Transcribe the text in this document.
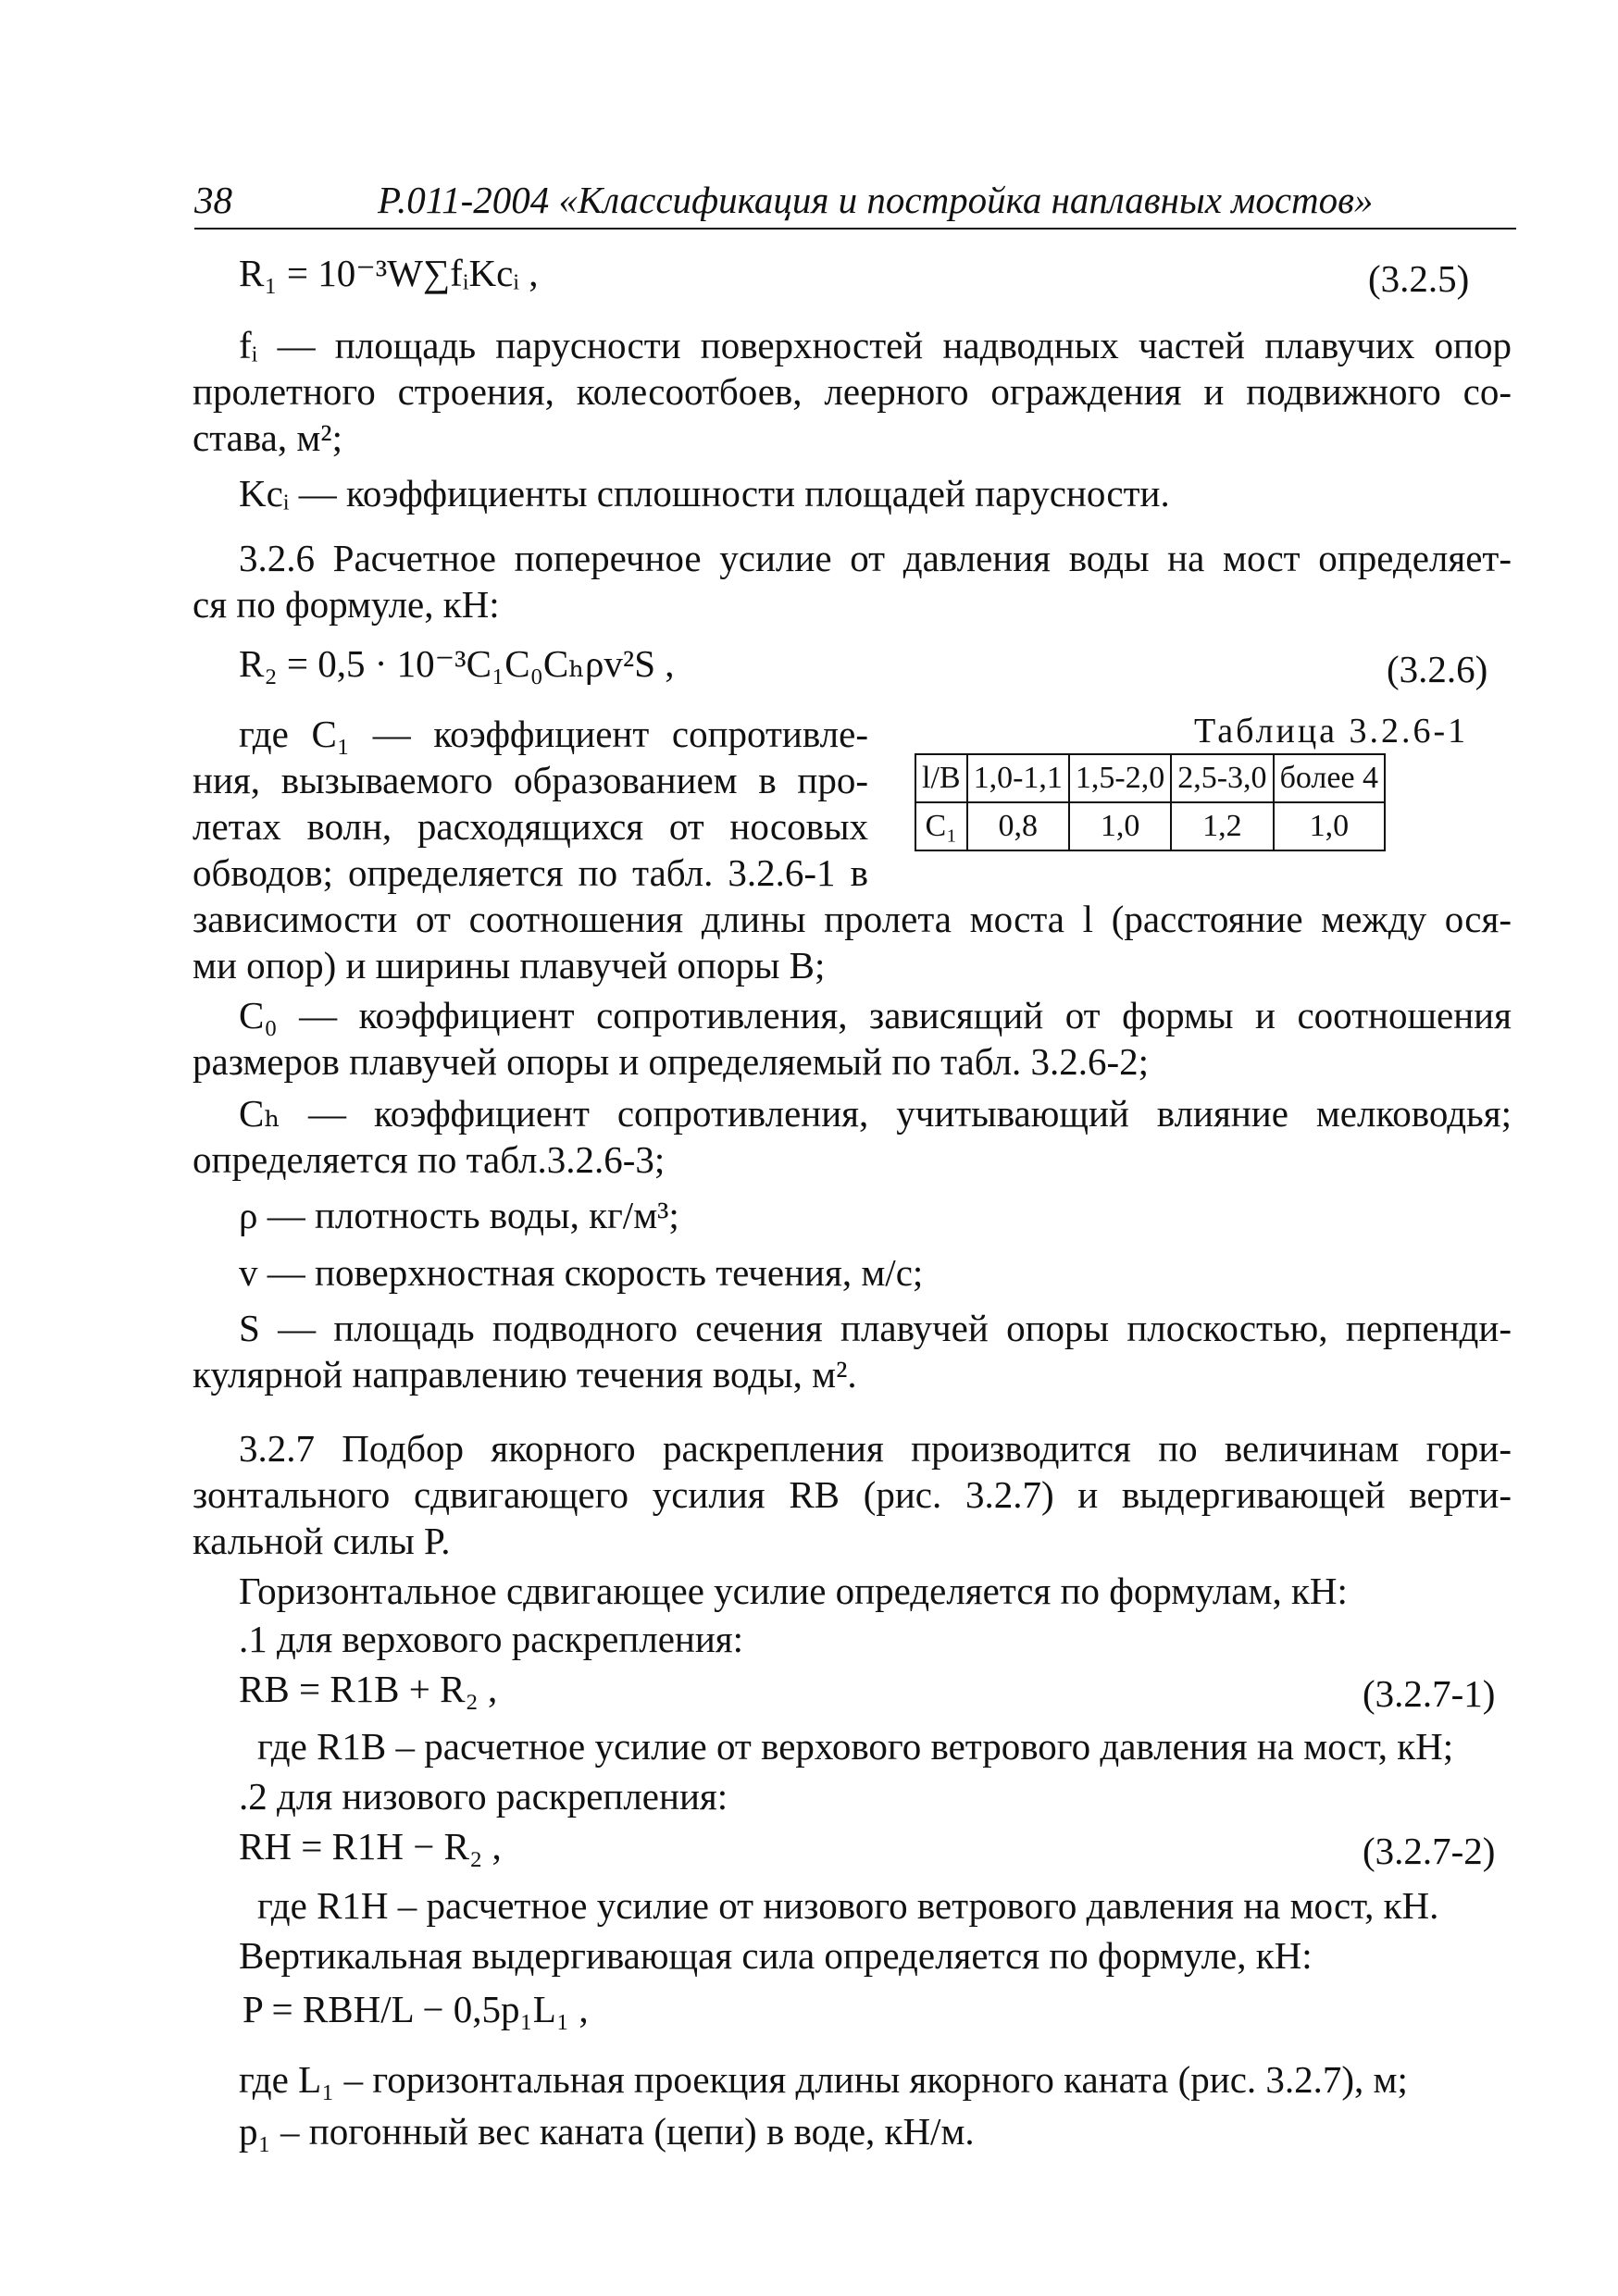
38	Р.011-2004 «Классификация и постройка наплавных мостов»
R₁ = 10⁻³W∑fᵢKcᵢ ,	(3.2.5)
fᵢ — площадь парусности поверхностей надводных частей плавучих опор
пролетного строения, колесоотбоев, леерного ограждения и подвижного со-
става, м²;
Kcᵢ — коэффициенты сплошности площадей парусности.
3.2.6 Расчетное поперечное усилие от давления воды на мост определяет-
ся по формуле, кН:
R₂ = 0,5 · 10⁻³C₁C₀Cₕρv²S ,	(3.2.6)
где C₁ — коэффициент сопротивле-
ния, вызываемого образованием в про-
летах волн, расходящихся от носовых
обводов; определяется по табл. 3.2.6-1 в
зависимости от соотношения длины пролета моста l (расстояние между ося-
ми опор) и ширины плавучей опоры B;
Таблица 3.2.6-1
l/B	1,0-1,1	1,5-2,0	2,5-3,0	более 4
C₁	0,8	1,0	1,2	1,0
C₀ — коэффициент сопротивления, зависящий от формы и соотношения
размеров плавучей опоры и определяемый по табл. 3.2.6-2;
Cₕ — коэффициент сопротивления, учитывающий влияние мелководья;
определяется по табл.3.2.6-3;
ρ — плотность воды, кг/м³;
v — поверхностная скорость течения, м/с;
S — площадь подводного сечения плавучей опоры плоскостью, перпенди-
кулярной направлению течения воды, м².
3.2.7 Подбор якорного раскрепления производится по величинам гори-
зонтального сдвигающего усилия RВ (рис. 3.2.7) и выдергивающей верти-
кальной силы P.
Горизонтальное сдвигающее усилие определяется по формулам, кН:
.1 для верхового раскрепления:
RВ = R1В + R₂ ,	(3.2.7-1)
где R1В – расчетное усилие от верхового ветрового давления на мост, кН;
.2 для низового раскрепления:
RН = R1Н − R₂ ,	(3.2.7-2)
где R1Н – расчетное усилие от низового ветрового давления на мост, кН.
Вертикальная выдергивающая сила определяется по формуле, кН:
P = RВH/L − 0,5p₁L₁ ,
где L₁ – горизонтальная проекция длины якорного каната (рис. 3.2.7), м;
p₁ – погонный вес каната (цепи) в воде, кН/м.
